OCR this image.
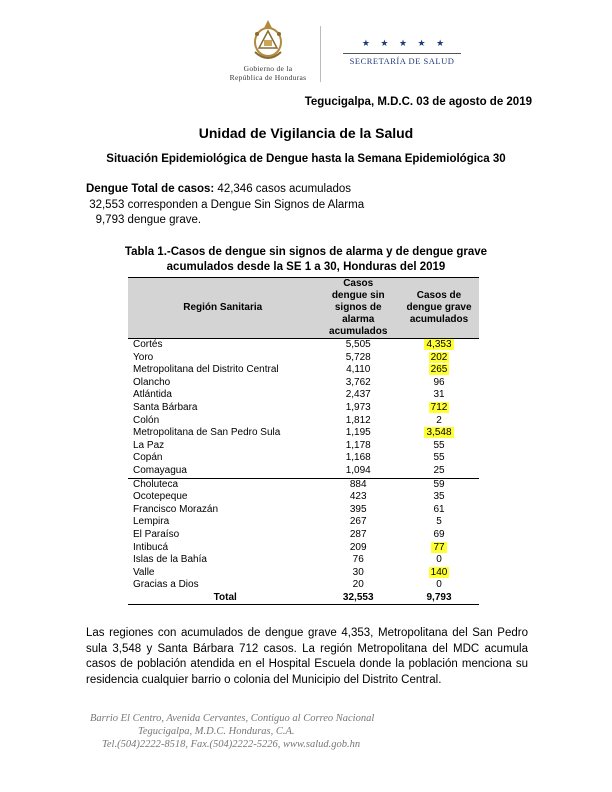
Gobierno de la
República de Honduras
★ ★ ★ ★ ★
SECRETARÍA DE SALUD
Tegucigalpa, M.D.C. 03 de agosto de 2019
Unidad de Vigilancia de la Salud
Situación Epidemiológica de Dengue hasta la Semana Epidemiológica 30
Dengue Total de casos: 42,346 casos acumulados
32,553 corresponden a Dengue Sin Signos de Alarma
9,793 dengue grave.
Tabla 1.-Casos de dengue sin signos de alarma y de dengue grave
acumulados desde la SE 1 a 30, Honduras del 2019
Región Sanitaria	Casos dengue sin signos de alarma acumulados	Casos de dengue grave acumulados

Cortés	5,505	4,353
Yoro	5,728	202
Metropolitana del Distrito Central	4,110	265
Olancho	3,762	96
Atlántida	2,437	31
Santa Bárbara	1,973	712
Colón	1,812	2
Metropolitana de San Pedro Sula	1,195	3,548
La Paz	1,178	55
Copán	1,168	55
Comayagua	1,094	25
Choluteca	884	59
Ocotepeque	423	35
Francisco Morazán	395	61
Lempira	267	5
El Paraíso	287	69
Intibucá	209	77
Islas de la Bahía	76	0
Valle	30	140
Gracias a Dios	20	0
Total	32,553	9,793
Las regiones con acumulados de dengue grave 4,353, Metropolitana del San Pedro sula 3,548 y Santa Bárbara 712 casos. La región Metropolitana del MDC acumula casos de población atendida en el Hospital Escuela donde la población menciona su residencia cualquier barrio o colonia del Municipio del Distrito Central.
Barrio El Centro, Avenida Cervantes, Contiguo al Correo Nacional
Tegucigalpa, M.D.C. Honduras, C.A.
Tel.(504)2222-8518, Fax.(504)2222-5226, www.salud.gob.hn
